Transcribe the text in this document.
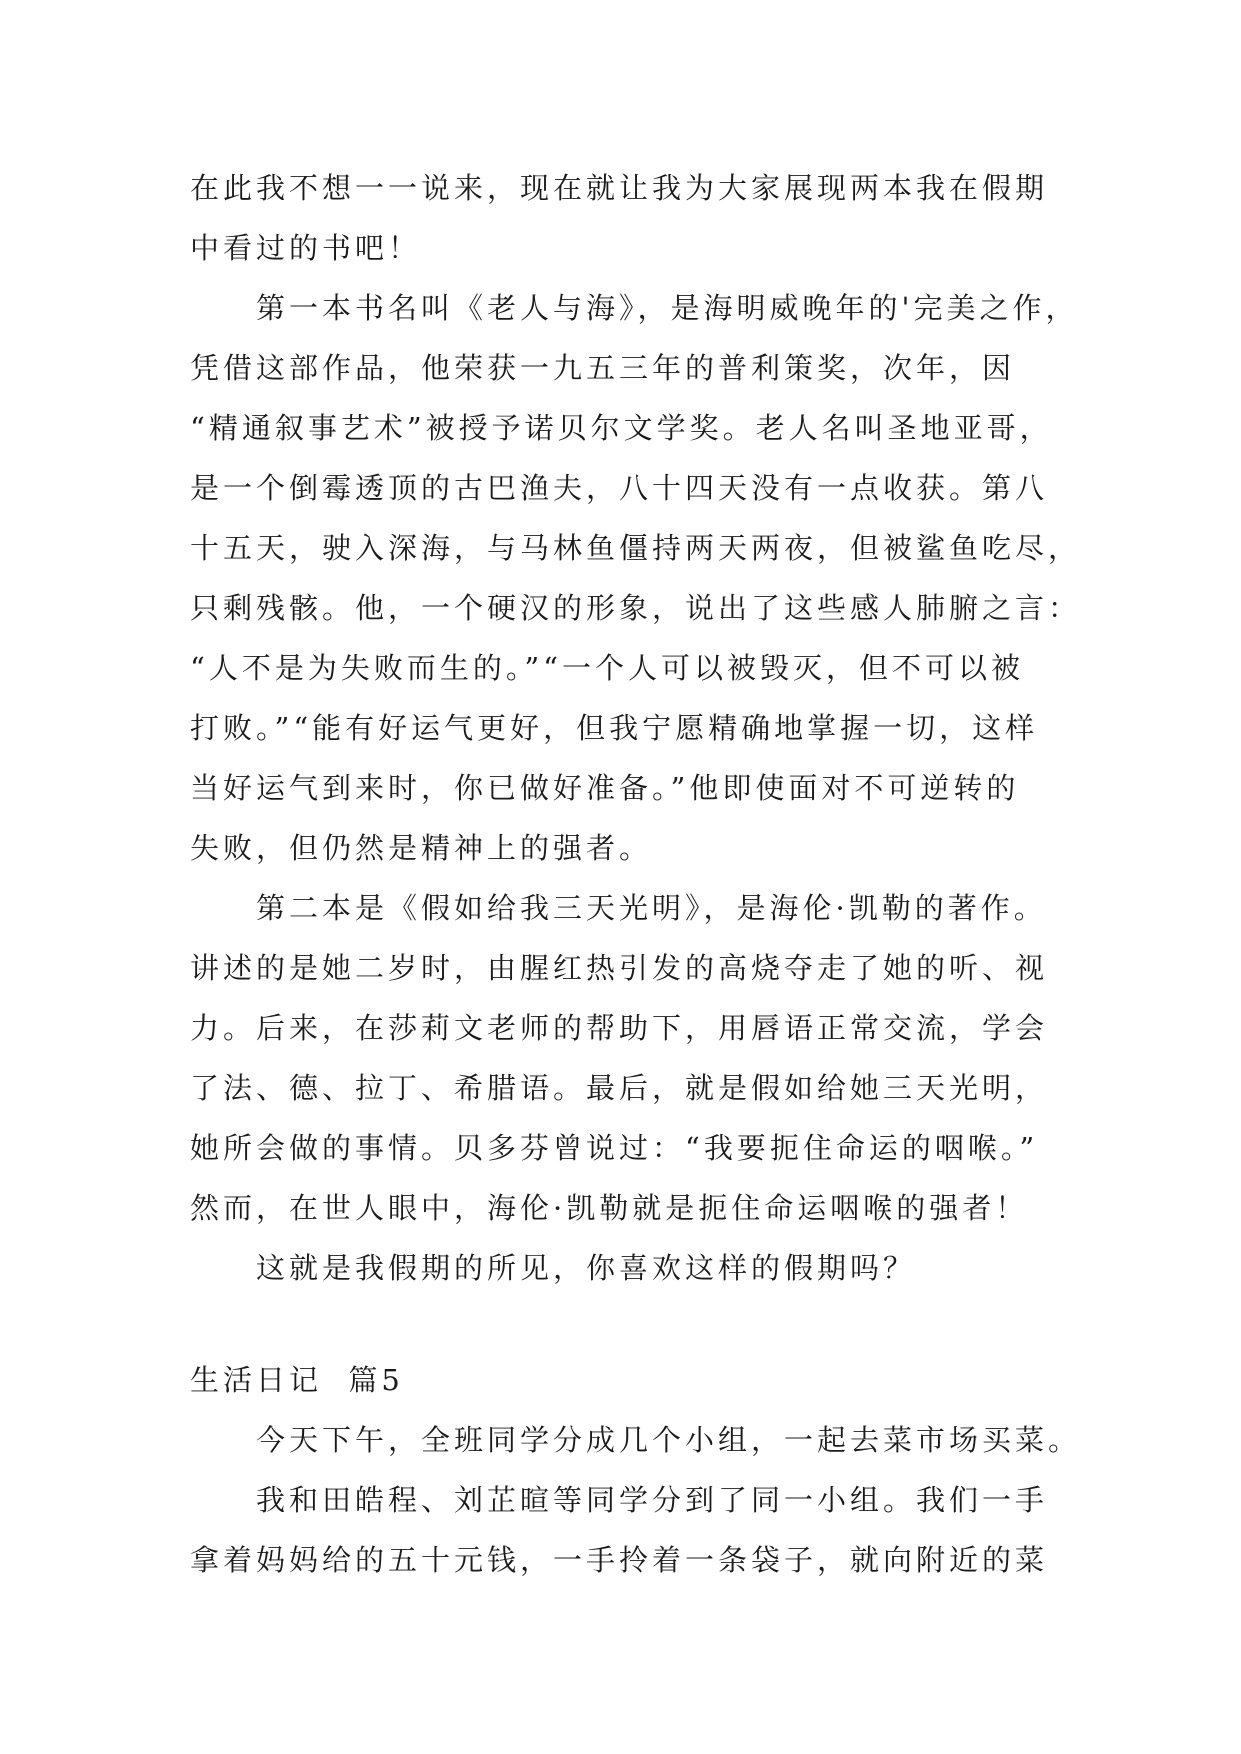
在此我不想一一说来，现在就让我为大家展现两本我在假期
中看过的书吧！
第一本书名叫《老人与海》，是海明威晚年的'完美之作，
凭借这部作品，他荣获一九五三年的普利策奖，次年，因
“精通叙事艺术”被授予诺贝尔文学奖。老人名叫圣地亚哥，
是一个倒霉透顶的古巴渔夫，八十四天没有一点收获。第八
十五天，驶入深海，与马林鱼僵持两天两夜，但被鲨鱼吃尽，
只剩残骸。他，一个硬汉的形象，说出了这些感人肺腑之言：
“人不是为失败而生的。”“一个人可以被毁灭，但不可以被
打败。”“能有好运气更好，但我宁愿精确地掌握一切，这样
当好运气到来时，你已做好准备。”他即使面对不可逆转的
失败，但仍然是精神上的强者。
第二本是《假如给我三天光明》，是海伦·凯勒的著作。
讲述的是她二岁时，由腥红热引发的高烧夺走了她的听、视
力。后来，在莎莉文老师的帮助下，用唇语正常交流，学会
了法、德、拉丁、希腊语。最后，就是假如给她三天光明，
她所会做的事情。贝多芬曾说过：“我要扼住命运的咽喉。”
然而，在世人眼中，海伦·凯勒就是扼住命运咽喉的强者！
这就是我假期的所见，你喜欢这样的假期吗？
生活日记  篇5
今天下午，全班同学分成几个小组，一起去菜市场买菜。
我和田皓程、刘芷暄等同学分到了同一小组。我们一手
拿着妈妈给的五十元钱，一手拎着一条袋子，就向附近的菜
